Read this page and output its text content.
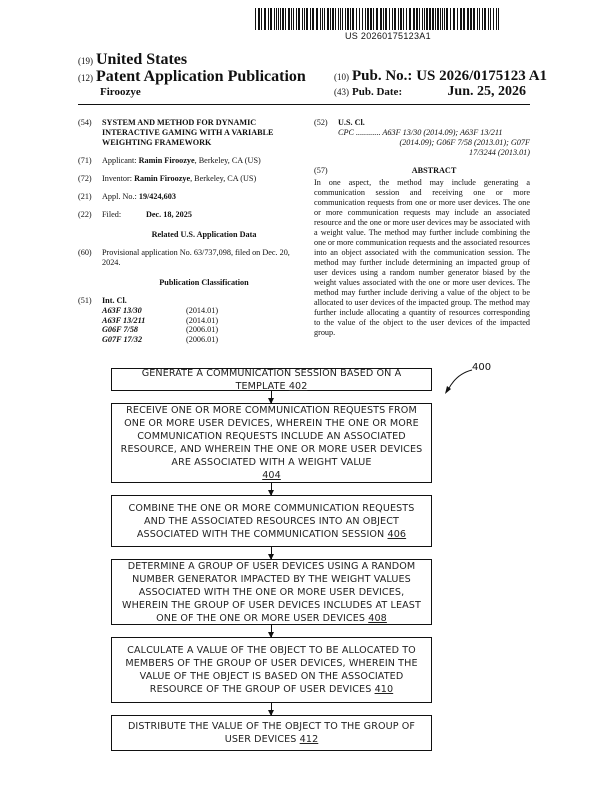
US 20260175123A1
(19) United States
(12) Patent Application Publication
Firoozye
(10) Pub. No.: US 2026/0175123 A1
(43) Pub. Date:	Jun. 25, 2026
(54)	SYSTEM AND METHOD FOR DYNAMIC INTERACTIVE GAMING WITH A VARIABLE WEIGHTING FRAMEWORK
(71)	Applicant: Ramin Firoozye, Berkeley, CA (US)
(72)	Inventor: Ramin Firoozye, Berkeley, CA (US)
(21)	Appl. No.: 19/424,603
(22)	Filed:	Dec. 18, 2025
Related U.S. Application Data
(60)	Provisional application No. 63/737,098, filed on Dec. 20, 2024.
Publication Classification
(51)	Int. Cl.
A63F 13/30	(2014.01)
A63F 13/211	(2014.01)
G06F 7/58	(2006.01)
G07F 17/32	(2006.01)
(52)	U.S. Cl.
CPC ............ A63F 13/30 (2014.09); A63F 13/211
(2014.09); G06F 7/58 (2013.01); G07F
17/3244 (2013.01)
(57)	ABSTRACT
In one aspect, the method may include generating a communication session and receiving one or more communication requests from one or more user devices. The one or more communication requests may include an associated resource and the one or more user devices may be associated with a weight value. The method may further include combining the one or more communication requests and the associated resources into an object associated with the communication session. The method may further include determining an impacted group of user devices using a random number generator biased by the weight values associated with the one or more user devices. The method may further include deriving a value of the object to be allocated to user devices of the impacted group. The method may further include allocating a quantity of resources corresponding to the value of the object to the user devices of the impacted group.
400
GENERATE A COMMUNICATION SESSION BASED ON A TEMPLATE 402
RECEIVE ONE OR MORE COMMUNICATION REQUESTS FROM ONE OR MORE USER DEVICES, WHEREIN THE ONE OR MORE COMMUNICATION REQUESTS INCLUDE AN ASSOCIATED RESOURCE, AND WHEREIN THE ONE OR MORE USER DEVICES ARE ASSOCIATED WITH A WEIGHT VALUE
404
COMBINE THE ONE OR MORE COMMUNICATION REQUESTS AND THE ASSOCIATED RESOURCES INTO AN OBJECT ASSOCIATED WITH THE COMMUNICATION SESSION 406
DETERMINE A GROUP OF USER DEVICES USING A RANDOM NUMBER GENERATOR IMPACTED BY THE WEIGHT VALUES ASSOCIATED WITH THE ONE OR MORE USER DEVICES, WHEREIN THE GROUP OF USER DEVICES INCLUDES AT LEAST ONE OF THE ONE OR MORE USER DEVICES 408
CALCULATE A VALUE OF THE OBJECT TO BE ALLOCATED TO MEMBERS OF THE GROUP OF USER DEVICES, WHEREIN THE VALUE OF THE OBJECT IS BASED ON THE ASSOCIATED RESOURCE OF THE GROUP OF USER DEVICES 410
DISTRIBUTE THE VALUE OF THE OBJECT TO THE GROUP OF USER DEVICES 412
